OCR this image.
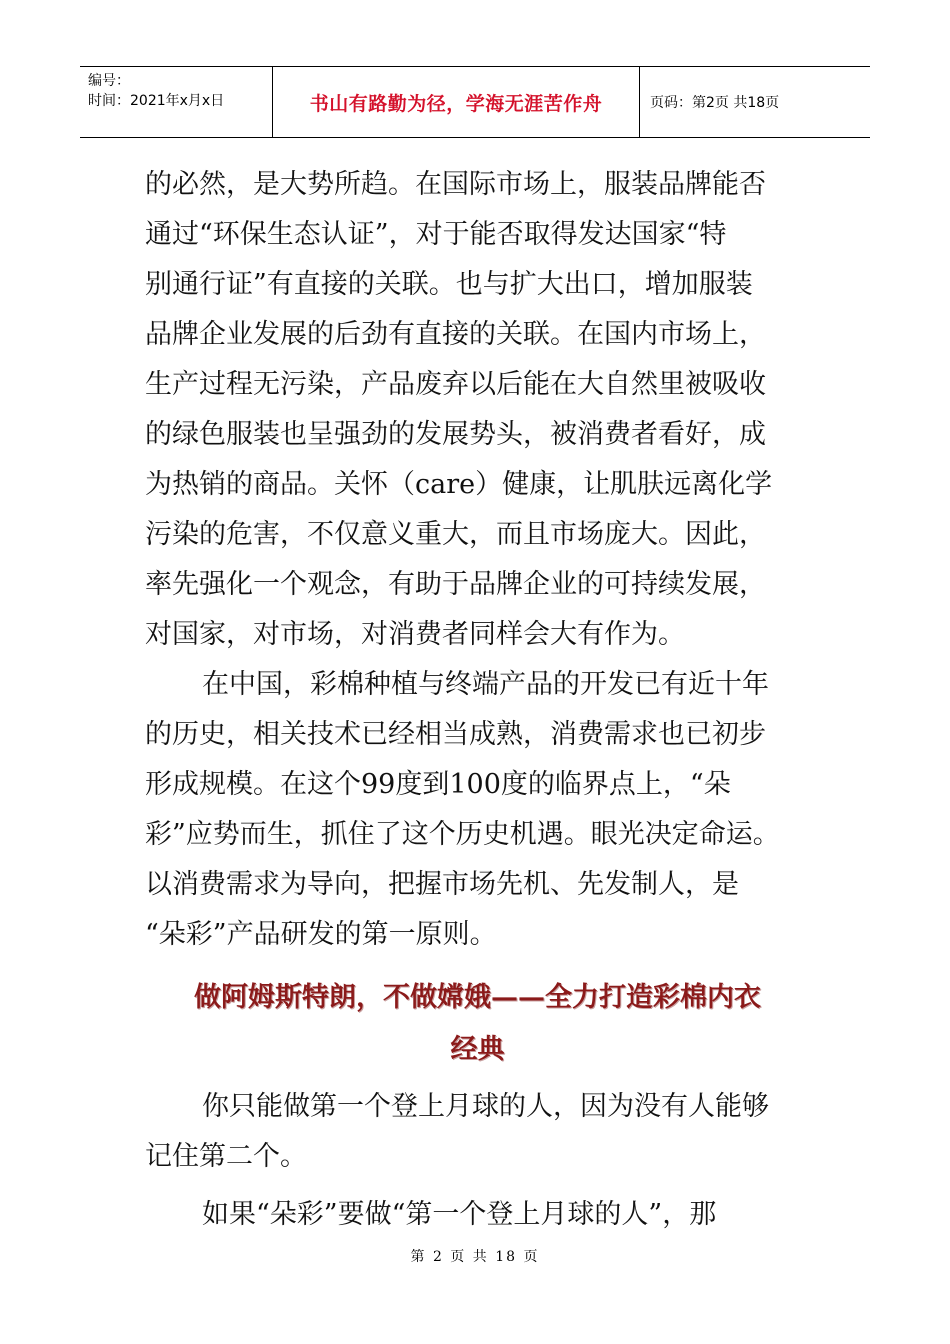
编号：
时间：2021年x月x日	书山有路勤为径，学海无涯苦作舟	页码：第2页 共18页

的必然，是大势所趋。在国际市场上，服装品牌能否
通过“环保生态认证”，对于能否取得发达国家“特
别通行证”有直接的关联。也与扩大出口，增加服装
品牌企业发展的后劲有直接的关联。在国内市场上，
生产过程无污染，产品废弃以后能在大自然里被吸收
的绿色服装也呈强劲的发展势头，被消费者看好，成
为热销的商品。关怀（care）健康，让肌肤远离化学
污染的危害，不仅意义重大，而且市场庞大。因此，
率先强化一个观念，有助于品牌企业的可持续发展，
对国家，对市场，对消费者同样会大有作为。

在中国，彩棉种植与终端产品的开发已有近十年
的历史，相关技术已经相当成熟，消费需求也已初步
形成规模。在这个99度到100度的临界点上，“朵
彩”应势而生，抓住了这个历史机遇。眼光决定命运。
以消费需求为导向，把握市场先机、先发制人，是
“朵彩”产品研发的第一原则。

做阿姆斯特朗，不做嫦娥——全力打造彩棉内衣
经典

你只能做第一个登上月球的人，因为没有人能够
记住第二个。

如果“朵彩”要做“第一个登上月球的人”，那

第 2 页 共 18 页
